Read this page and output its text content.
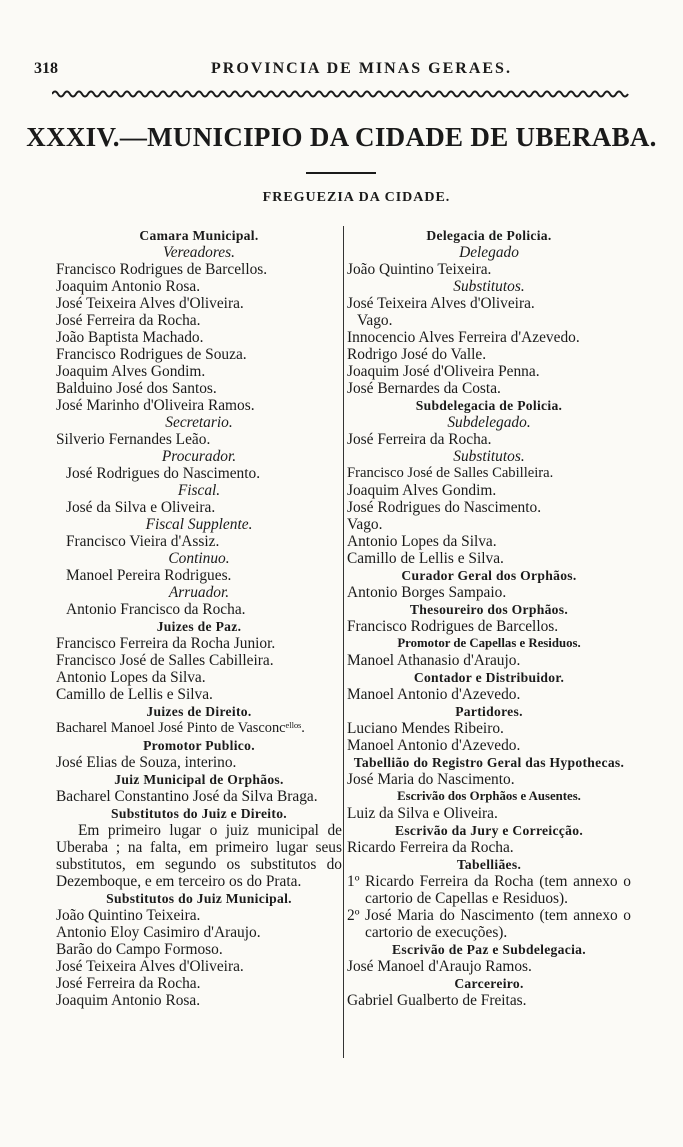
318	PROVINCIA DE MINAS GERAES.
XXXIV.—MUNICIPIO DA CIDADE DE UBERABA.
FREGUEZIA DA CIDADE.
Camara Municipal.
Vereadores.
Francisco Rodrigues de Barcellos.
Joaquim Antonio Rosa.
José Teixeira Alves d'Oliveira.
José Ferreira da Rocha.
João Baptista Machado.
Francisco Rodrigues de Souza.
Joaquim Alves Gondim.
Balduino José dos Santos.
José Marinho d'Oliveira Ramos.
Secretario.
Silverio Fernandes Leão.
Procurador.
José Rodrigues do Nascimento.
Fiscal.
José da Silva e Oliveira.
Fiscal Supplente.
Francisco Vieira d'Assiz.
Continuo.
Manoel Pereira Rodrigues.
Arruador.
Antonio Francisco da Rocha.
Juizes de Paz.
Francisco Ferreira da Rocha Junior.
Francisco José de Salles Cabilleira.
Antonio Lopes da Silva.
Camillo de Lellis e Silva.
Juizes de Direito.
Bacharel Manoel José Pinto de Vasconcᵉˡˡᵒˢ.
Promotor Publico.
José Elias de Souza, interino.
Juiz Municipal de Orphãos.
Bacharel Constantino José da Silva Braga.
Substitutos do Juiz e Direito.
Em primeiro lugar o juiz municipal de Uberaba ; na falta, em primeiro lugar seus substitutos, em segundo os substitutos do Dezemboque, e em terceiro os do Prata.
Substitutos do Juiz Municipal.
João Quintino Teixeira.
Antonio Eloy Casimiro d'Araujo.
Barão do Campo Formoso.
José Teixeira Alves d'Oliveira.
José Ferreira da Rocha.
Joaquim Antonio Rosa.
Delegacia de Policia.
Delegado
João Quintino Teixeira.
Substitutos.
José Teixeira Alves d'Oliveira.
Vago.
Innocencio Alves Ferreira d'Azevedo.
Rodrigo José do Valle.
Joaquim José d'Oliveira Penna.
José Bernardes da Costa.
Subdelegacia de Policia.
Subdelegado.
José Ferreira da Rocha.
Substitutos.
Francisco José de Salles Cabilleira.
Joaquim Alves Gondim.
José Rodrigues do Nascimento.
Vago.
Antonio Lopes da Silva.
Camillo de Lellis e Silva.
Curador Geral dos Orphãos.
Antonio Borges Sampaio.
Thesoureiro dos Orphãos.
Francisco Rodrigues de Barcellos.
Promotor de Capellas e Residuos.
Manoel Athanasio d'Araujo.
Contador e Distribuidor.
Manoel Antonio d'Azevedo.
Partidores.
Luciano Mendes Ribeiro.
Manoel Antonio d'Azevedo.
Tabellião do Registro Geral das Hypothecas.
José Maria do Nascimento.
Escrivão dos Orphãos e Ausentes.
Luiz da Silva e Oliveira.
Escrivão da Jury e Correicção.
Ricardo Ferreira da Rocha.
Tabelliães.
1º Ricardo Ferreira da Rocha (tem annexo o cartorio de Capellas e Residuos).
2º José Maria do Nascimento (tem annexo o cartorio de execuções).
Escrivão de Paz e Subdelegacia.
José Manoel d'Araujo Ramos.
Carcereiro.
Gabriel Gualberto de Freitas.
